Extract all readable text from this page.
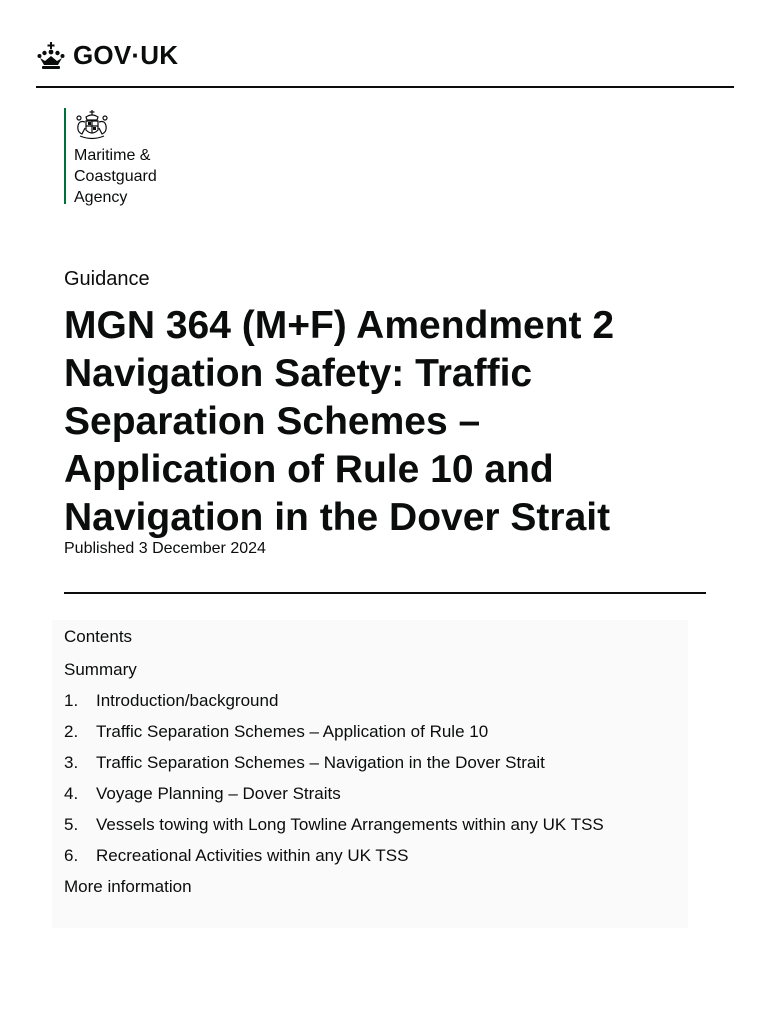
GOV·UK
Maritime &
Coastguard
Agency
Guidance
MGN 364 (M+F) Amendment 2
Navigation Safety: Traffic
Separation Schemes –
Application of Rule 10 and
Navigation in the Dover Strait
Published 3 December 2024
Contents
Summary
1.	Introduction/background
2.	Traffic Separation Schemes – Application of Rule 10
3.	Traffic Separation Schemes – Navigation in the Dover Strait
4.	Voyage Planning – Dover Straits
5.	Vessels towing with Long Towline Arrangements within any UK TSS
6.	Recreational Activities within any UK TSS
More information
